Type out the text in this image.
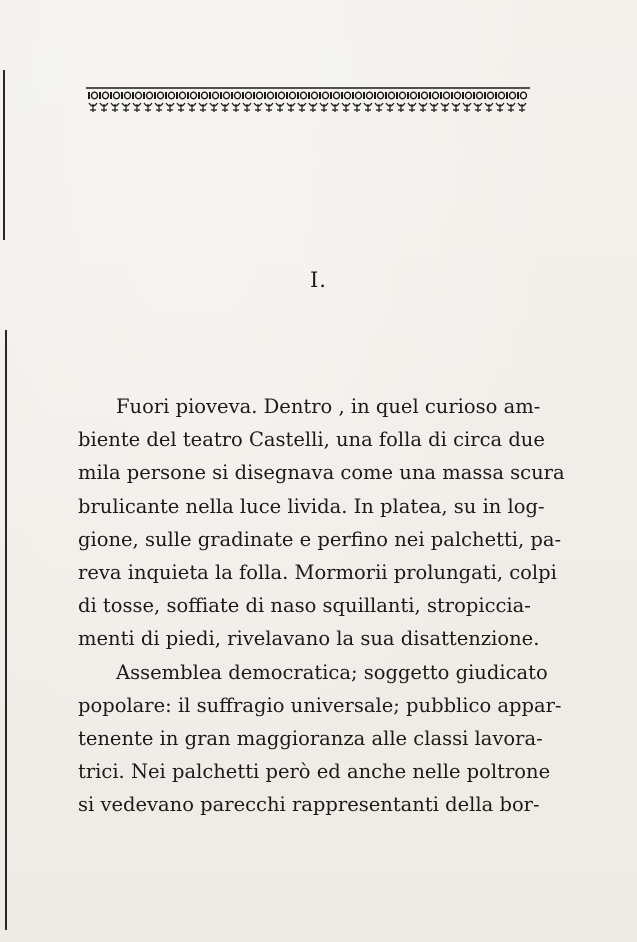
I.
Fuori pioveva. Dentro , in quel curioso am-
biente del teatro Castelli, una folla di circa due
mila persone si disegnava come una massa scura
brulicante nella luce livida. In platea, su in log-
gione, sulle gradinate e perfino nei palchetti, pa-
reva inquieta la folla. Mormorii prolungati, colpi
di tosse, soffiate di naso squillanti, stropiccia-
menti di piedi, rivelavano la sua disattenzione.
Assemblea democratica; soggetto giudicato
popolare: il suffragio universale; pubblico appar-
tenente in gran maggioranza alle classi lavora-
trici. Nei palchetti però ed anche nelle poltrone
si vedevano parecchi rappresentanti della bor-
